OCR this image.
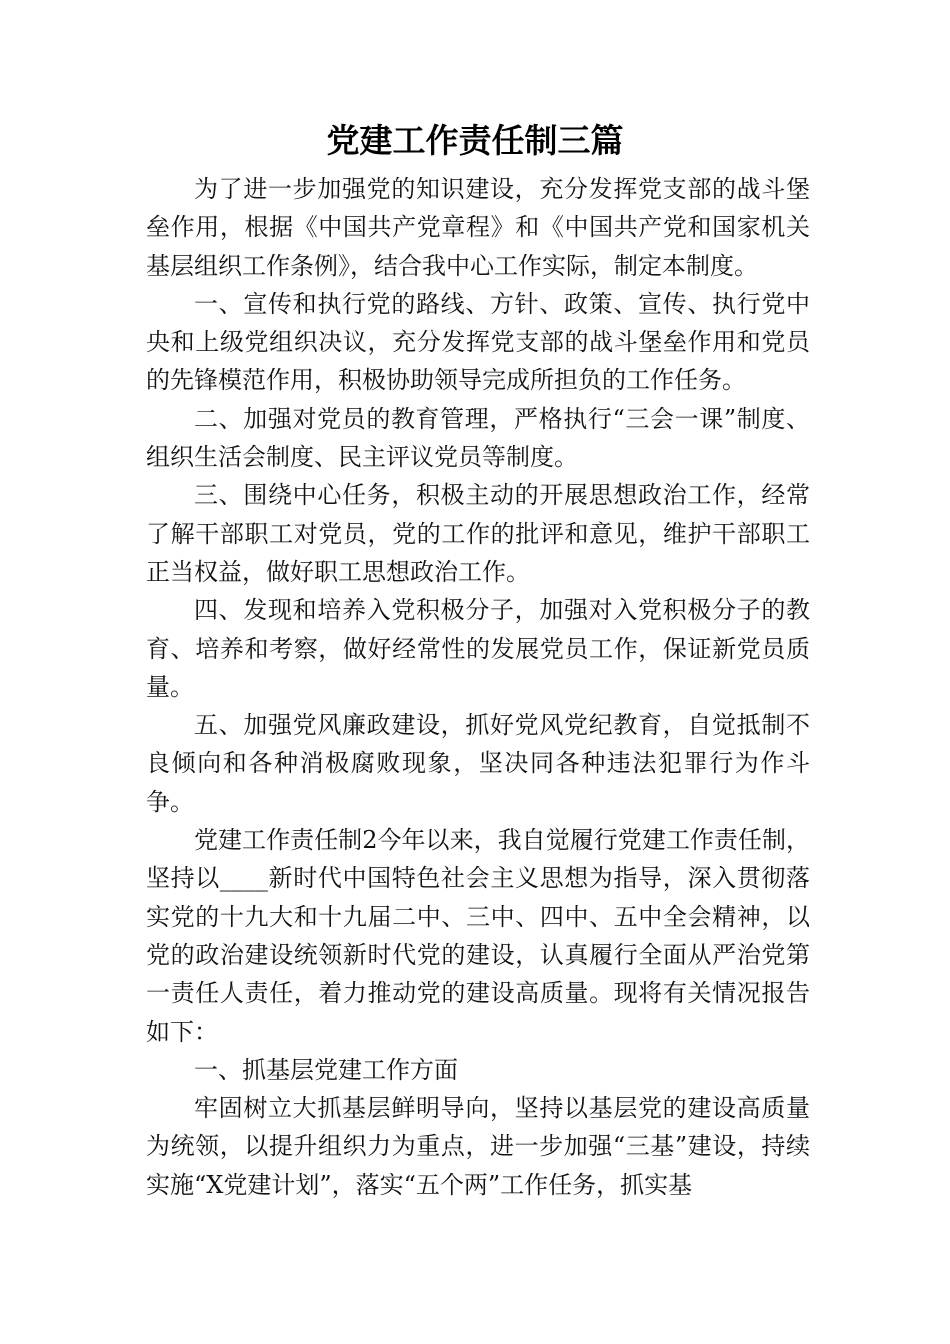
党建工作责任制三篇

为了进一步加强党的知识建设，充分发挥党支部的战斗堡垒作用，根据《中国共产党章程》和《中国共产党和国家机关基层组织工作条例》，结合我中心工作实际，制定本制度。

一、宣传和执行党的路线、方针、政策、宣传、执行党中央和上级党组织决议，充分发挥党支部的战斗堡垒作用和党员的先锋模范作用，积极协助领导完成所担负的工作任务。

二、加强对党员的教育管理，严格执行“三会一课”制度、组织生活会制度、民主评议党员等制度。

三、围绕中心任务，积极主动的开展思想政治工作，经常了解干部职工对党员，党的工作的批评和意见，维护干部职工正当权益，做好职工思想政治工作。

四、发现和培养入党积极分子，加强对入党积极分子的教育、培养和考察，做好经常性的发展党员工作，保证新党员质量。

五、加强党风廉政建设，抓好党风党纪教育，自觉抵制不良倾向和各种消极腐败现象，坚决同各种违法犯罪行为作斗争。

党建工作责任制2今年以来，我自觉履行党建工作责任制，坚持以____新时代中国特色社会主义思想为指导，深入贯彻落实党的十九大和十九届二中、三中、四中、五中全会精神，以党的政治建设统领新时代党的建设，认真履行全面从严治党第一责任人责任，着力推动党的建设高质量。现将有关情况报告如下：

一、抓基层党建工作方面

牢固树立大抓基层鲜明导向，坚持以基层党的建设高质量为统领，以提升组织力为重点，进一步加强“三基”建设，持续实施“X党建计划”，落实“五个两”工作任务，抓实基
